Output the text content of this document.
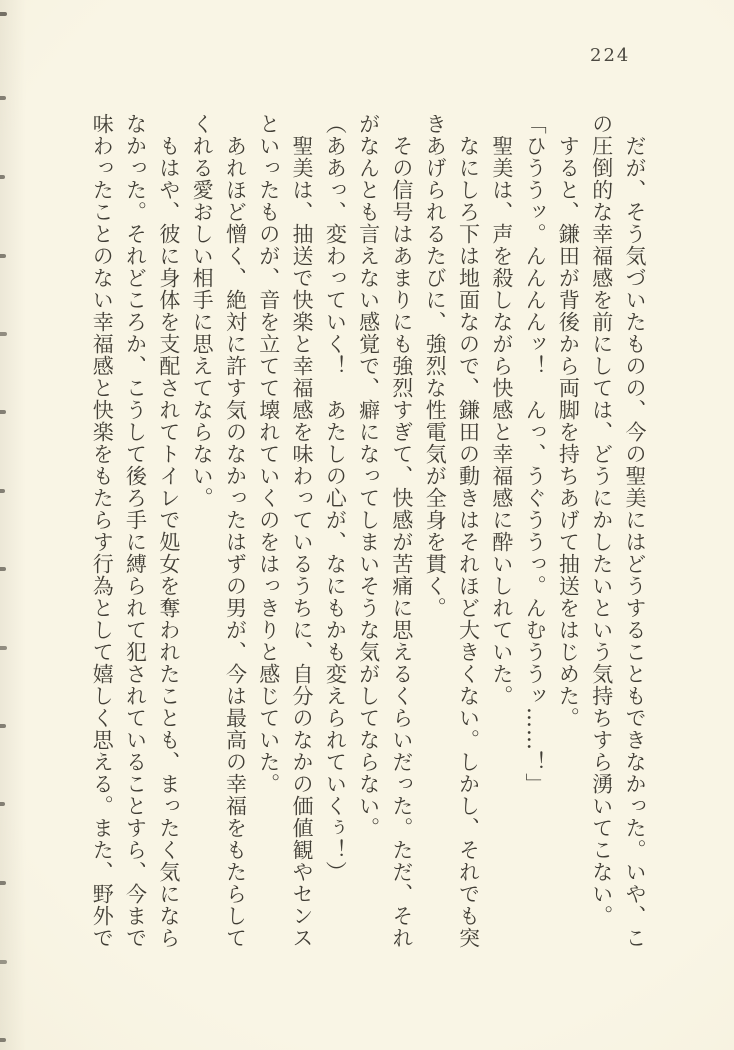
224

　だが、そう気づいたものの、今の聖美にはどうすることもできなかった。いや、こ

の圧倒的な幸福感を前にしては、どうにかしたいという気持ちすら湧いてこない。

　すると、鎌田が背後から両脚を持ちあげて抽送をはじめた。

「ひううッ。んんんんッ！　んっ、うぐううっ。んむううッ……！」

　聖美は、声を殺しながら快感と幸福感に酔いしれていた。

　なにしろ下は地面なので、鎌田の動きはそれほど大きくない。しかし、それでも突

きあげられるたびに、強烈な性電気が全身を貫く。

　その信号はあまりにも強烈すぎて、快感が苦痛に思えるくらいだった。ただ、それ

がなんとも言えない感覚で、癖になってしまいそうな気がしてならない。

（ああっ、変わっていく！　あたしの心が、なにもかも変えられていくぅ！）

　聖美は、抽送で快楽と幸福感を味わっているうちに、自分のなかの価値観やセンス

といったものが、音を立てて壊れていくのをはっきりと感じていた。

　あれほど憎く、絶対に許す気のなかったはずの男が、今は最高の幸福をもたらして

くれる愛おしい相手に思えてならない。

　もはや、彼に身体を支配されてトイレで処女を奪われたことも、まったく気になら

なかった。それどころか、こうして後ろ手に縛られて犯されていることすら、今まで

味わったことのない幸福感と快楽をもたらす行為として嬉しく思える。また、野外で
